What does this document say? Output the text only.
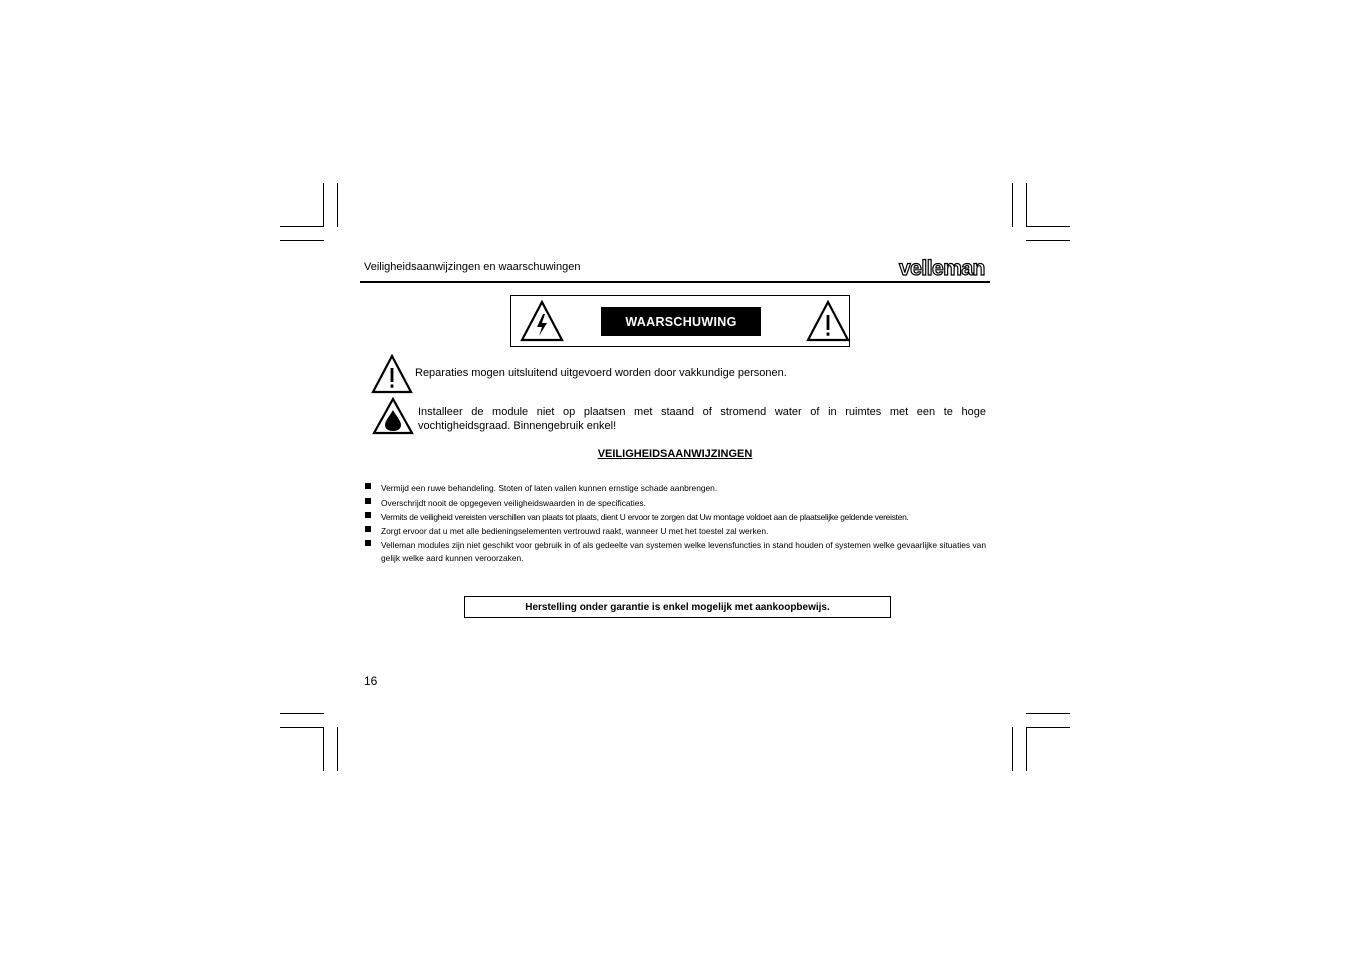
Veiligheidsaanwijzingen en waarschuwingen	velleman
WAARSCHUWING
Reparaties mogen uitsluitend uitgevoerd worden door vakkundige personen.
Installeer de module niet op plaatsen met staand of stromend water of in ruimtes met een te hoge vochtigheidsgraad. Binnengebruik enkel!
VEILIGHEIDSAANWIJZINGEN
Vermijd een ruwe behandeling. Stoten of laten vallen kunnen ernstige schade aanbrengen.
Overschrijdt nooit de opgegeven veiligheidswaarden in de specificaties.
Vermits de veiligheid vereisten verschillen van plaats tot plaats, dient U ervoor te zorgen dat Uw montage voldoet aan de plaatselijke geldende vereisten.
Zorgt ervoor dat u met alle bedieningselementen vertrouwd raakt, wanneer U met het toestel zal werken.
Velleman modules zijn niet geschikt voor gebruik in of als gedeelte van systemen welke levensfuncties in stand houden of systemen welke gevaarlijke situaties van gelijk welke aard kunnen veroorzaken.
Herstelling onder garantie is enkel mogelijk met aankoopbewijs.
16
